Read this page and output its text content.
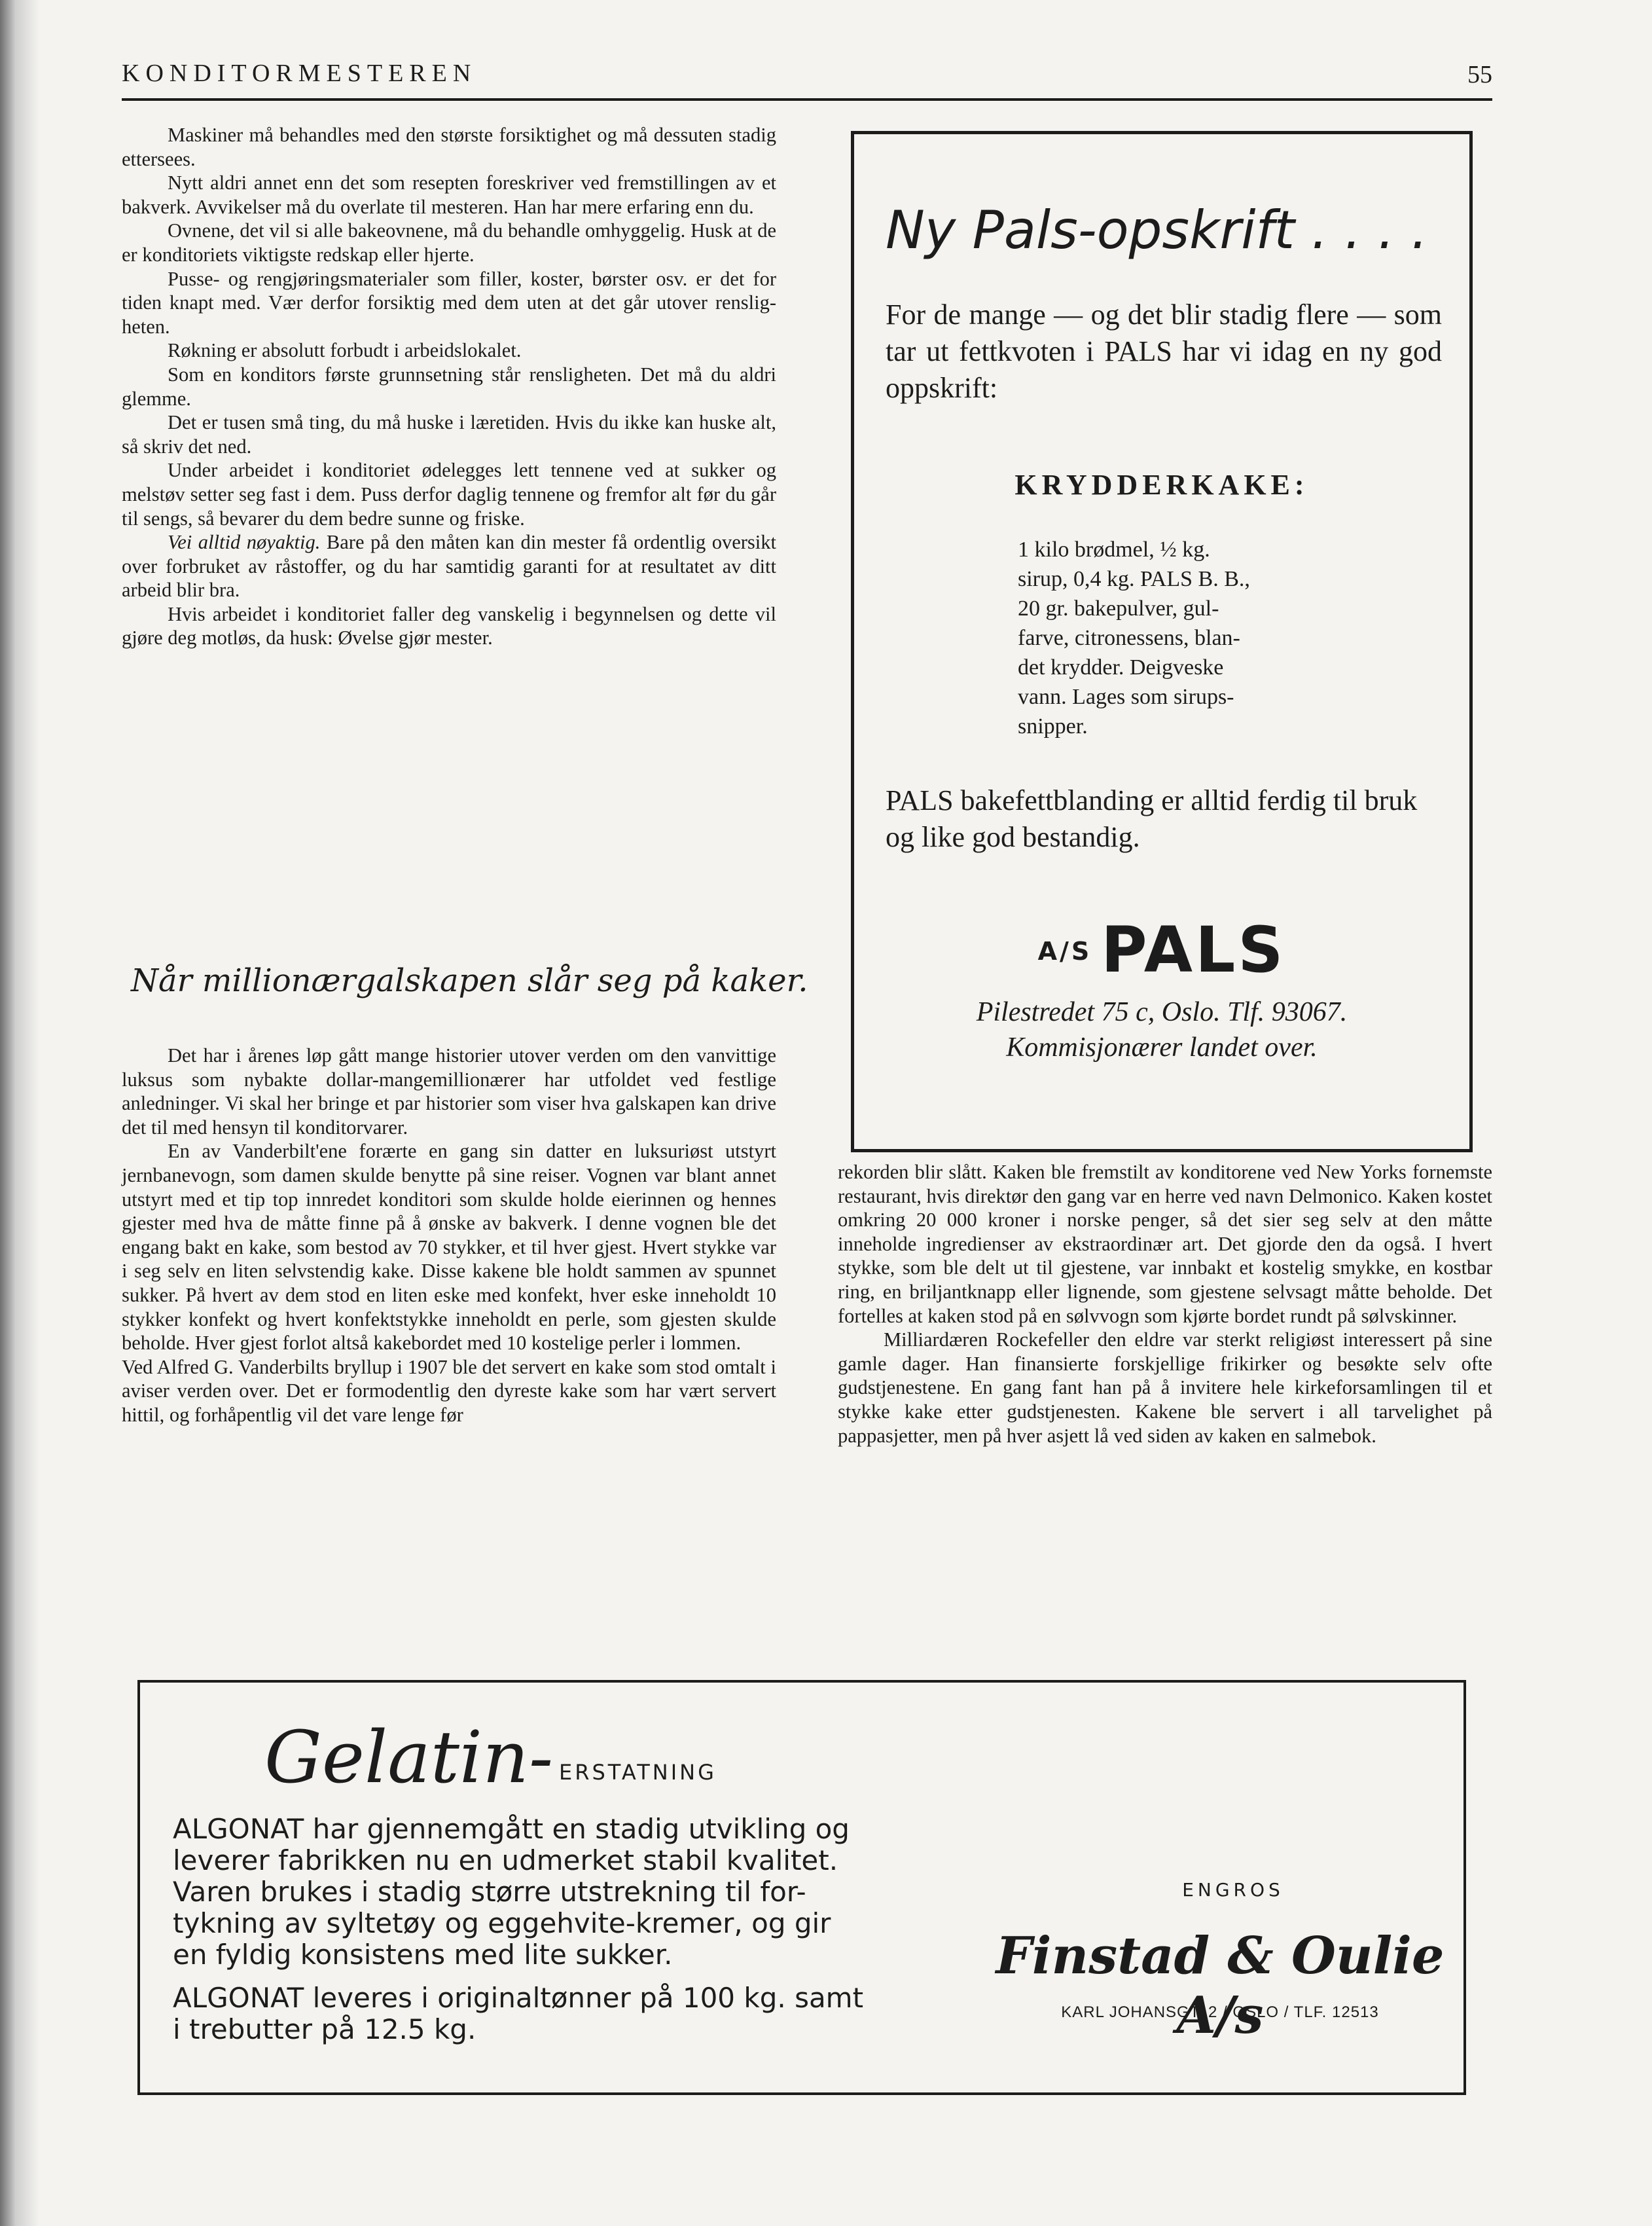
KONDITORMESTEREN	55

Maskiner må behandles med den største forsiktighet og må dessuten stadig ettersees.

Nytt aldri annet enn det som resepten foreskriver ved fremstillingen av et bakverk. Avvikelser må du overlate til mesteren. Han har mere erfaring enn du.

Ovnene, det vil si alle bakeovnene, må du behandle omhyggelig. Husk at de er konditoriets viktigste redskap eller hjerte.

Pusse- og rengjøringsmaterialer som filler, koster, børster osv. er det for tiden knapt med. Vær derfor forsiktig med dem uten at det går utover renslig-heten.

Røkning er absolutt forbudt i arbeidslokalet.

Som en konditors første grunnsetning står rensligheten. Det må du aldri glemme.

Det er tusen små ting, du må huske i læretiden. Hvis du ikke kan huske alt, så skriv det ned.

Under arbeidet i konditoriet ødelegges lett tennene ved at sukker og melstøv setter seg fast i dem. Puss derfor daglig tennene og fremfor alt før du går til sengs, så bevarer du dem bedre sunne og friske.

Vei alltid nøyaktig. Bare på den måten kan din mester få ordentlig oversikt over forbruket av råstoffer, og du har samtidig garanti for at resultatet av ditt arbeid blir bra.

Hvis arbeidet i konditoriet faller deg vanskelig i begynnelsen og dette vil gjøre deg motløs, da husk: Øvelse gjør mester.

Ny Pals-opskrift . . . .
For de mange — og det blir stadig flere — som tar ut fettkvoten i PALS har vi idag en ny god oppskrift:
KRYDDERKAKE:
1 kilo brødmel, ½ kg.
sirup, 0,4 kg. PALS B. B.,
20 gr. bakepulver, gul-
farve, citronessens, blan-
det krydder. Deigveske
vann. Lages som sirups-
snipper.
PALS bakefettblanding er alltid ferdig til bruk og like god bestandig.
A/S PALS
Pilestredet 75 c, Oslo. Tlf. 93067.
Kommisjonærer landet over.
Når millionærgalskapen slår seg på kaker.

Det har i årenes løp gått mange historier utover verden om den vanvittige luksus som nybakte dollar-mangemillionærer har utfoldet ved festlige anledninger. Vi skal her bringe et par historier som viser hva galskapen kan drive det til med hensyn til konditorvarer.

En av Vanderbilt'ene forærte en gang sin datter en luksuriøst utstyrt jernbanevogn, som damen skulde benytte på sine reiser. Vognen var blant annet utstyrt med et tip top innredet konditori som skulde holde eierinnen og hennes gjester med hva de måtte finne på å ønske av bakverk. I denne vognen ble det engang bakt en kake, som bestod av 70 stykker, et til hver gjest. Hvert stykke var i seg selv en liten selvstendig kake. Disse kakene ble holdt sammen av spunnet sukker. På hvert av dem stod en liten eske med konfekt, hver eske inneholdt 10 stykker konfekt og hvert konfektstykke inneholdt en perle, som gjesten skulde beholde. Hver gjest forlot altså kakebordet med 10 kostelige perler i lommen.

Ved Alfred G. Vanderbilts bryllup i 1907 ble det servert en kake som stod omtalt i aviser verden over. Det er formodentlig den dyreste kake som har vært servert hittil, og forhåpentlig vil det vare lenge før

rekorden blir slått. Kaken ble fremstilt av konditorene ved New Yorks fornemste restaurant, hvis direktør den gang var en herre ved navn Delmonico. Kaken kostet omkring 20 000 kroner i norske penger, så det sier seg selv at den måtte inneholde ingredienser av ekstraordinær art. Det gjorde den da også. I hvert stykke, som ble delt ut til gjestene, var innbakt et kostelig smykke, en kostbar ring, en briljantknapp eller lignende, som gjestene selvsagt måtte beholde. Det fortelles at kaken stod på en sølvvogn som kjørte bordet rundt på sølvskinner.

Milliardæren Rockefeller den eldre var sterkt religiøst interessert på sine gamle dager. Han finansierte forskjellige frikirker og besøkte selv ofte gudstjenestene. En gang fant han på å invitere hele kirkeforsamlingen til et stykke kake etter gudstjenesten. Kakene ble servert i all tarvelighet på pappasjetter, men på hver asjett lå ved siden av kaken en salmebok.

Gelatin- ERSTATNING
ALGONAT har gjennemgått en stadig utvikling og
leverer fabrikken nu en udmerket stabil kvalitet.
Varen brukes i stadig større utstrekning til for-
tykning av syltetøy og eggehvite-kremer, og gir
en fyldig konsistens med lite sukker.
ALGONAT leveres i originaltønner på 100 kg. samt
i trebutter på 12.5 kg.
ENGROS
Finstad & Oulie A/s
KARL JOHANSGT. 2 / OSLO / TLF. 12513
